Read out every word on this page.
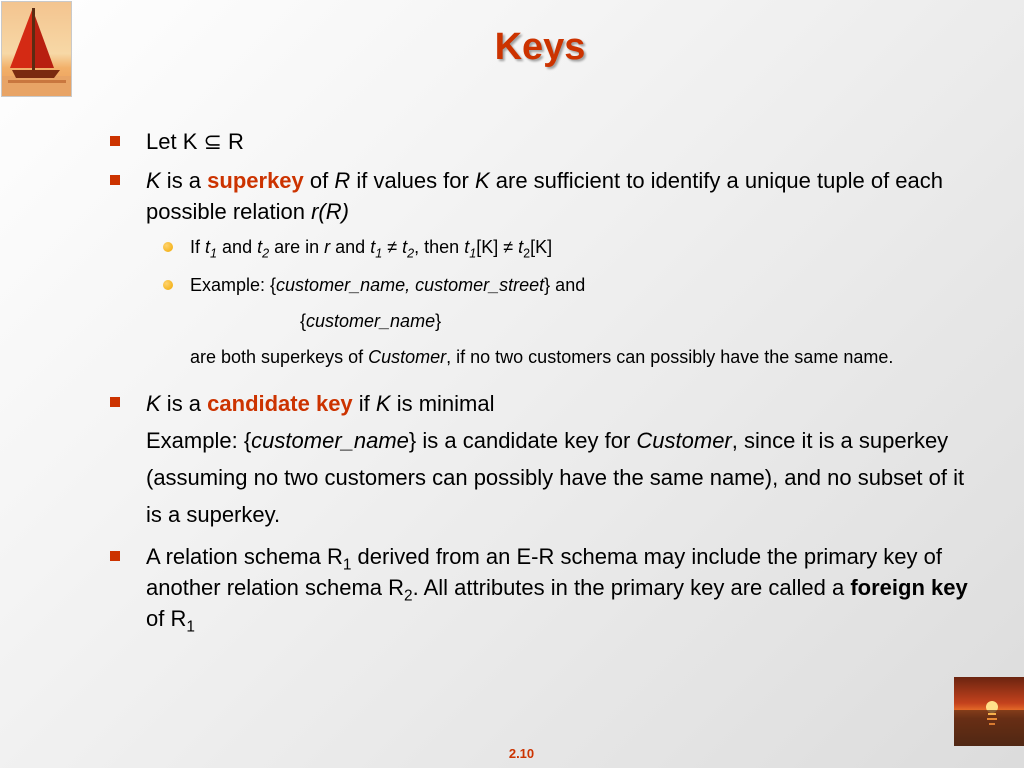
Keys
Let K ⊆ R
K is a superkey of R if values for K are sufficient to identify a unique tuple of each possible relation r(R)
If $t_1$ and $t_2$ are in r and $t_1 \ne t_2$, then $t_1[K] \ne t_2[K]$
Example: {customer_name, customer_street} and
{customer_name}
are both superkeys of Customer, if no two customers can possibly have the same name.
K is a candidate key if K is minimal
Example: {customer_name} is a candidate key for Customer, since it is a superkey (assuming no two customers can possibly have the same name), and no subset of it is a superkey.
A relation schema $R_1$ derived from an E-R schema may include the primary key of another relation schema $R_2$. All attributes in the primary key are called a foreign key of $R_1$
2.10
